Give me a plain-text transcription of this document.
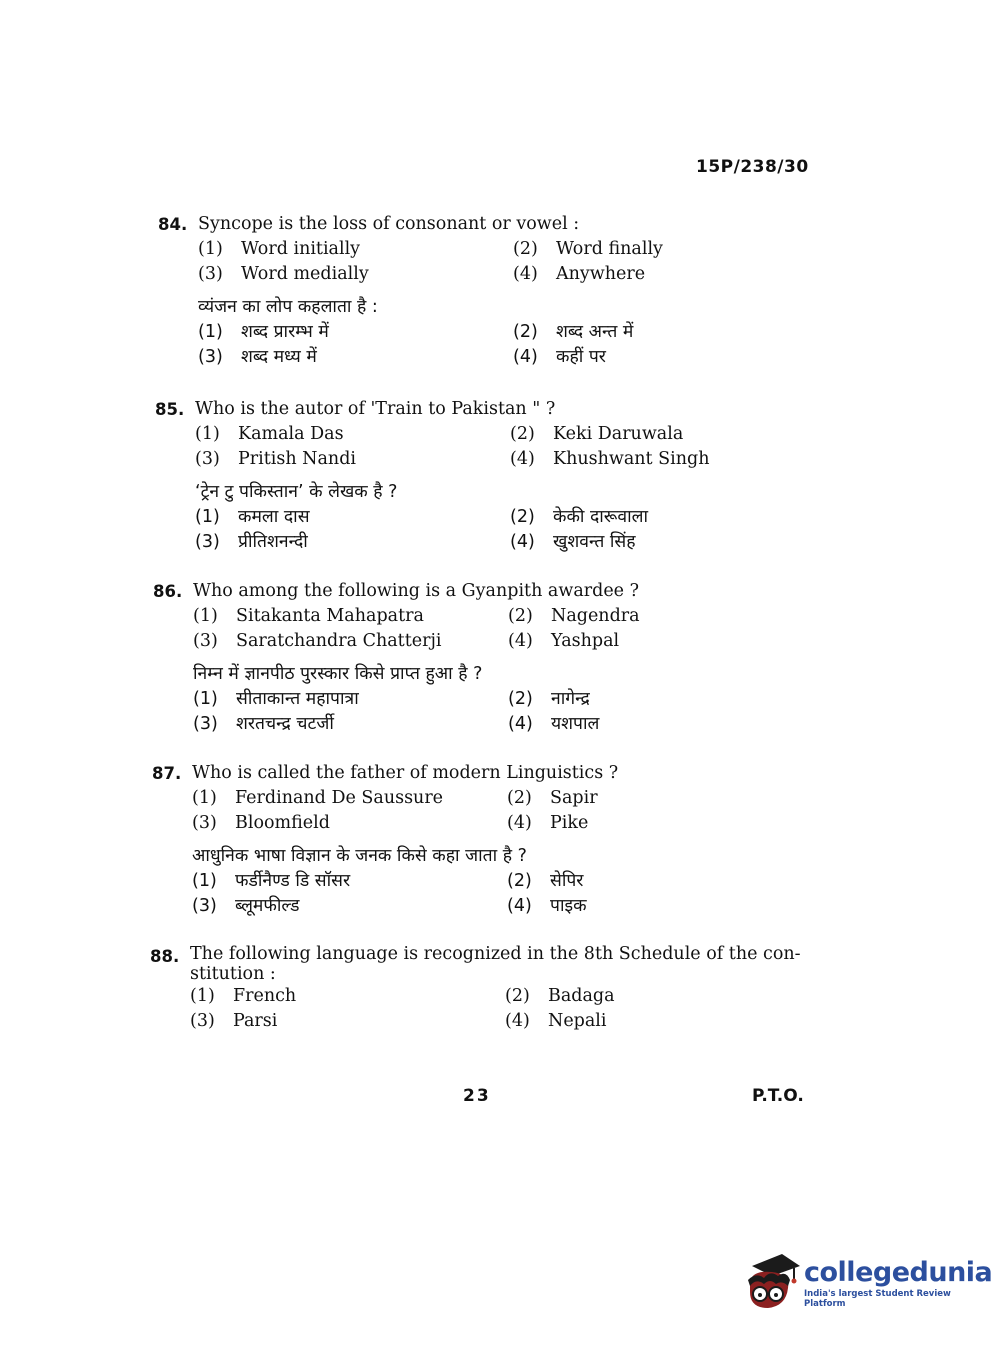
15P/238/30
84. Syncope is the loss of consonant or vowel :
(1)	Word initially	(2)	Word finally
(3)	Word medially	(4)	Anywhere
व्यंजन का लोप कहलाता है :
(1)	शब्द प्रारम्भ में	(2)	शब्द अन्त में
(3)	शब्द मध्य में	(4)	कहीं पर
85. Who is the autor of 'Train to Pakistan " ?
(1)	Kamala Das	(2)	Keki Daruwala
(3)	Pritish Nandi	(4)	Khushwant Singh
‘ट्रेन टु पकिस्तान’ के लेखक है ?
(1)	कमला दास	(2)	केकी दारूवाला
(3)	प्रीतिशनन्दी	(4)	खुशवन्त सिंह
86. Who among the following is a Gyanpith awardee ?
(1)	Sitakanta Mahapatra	(2)	Nagendra
(3)	Saratchandra Chatterji	(4)	Yashpal
निम्न में ज्ञानपीठ पुरस्कार किसे प्राप्त हुआ है ?
(1)	सीताकान्त महापात्रा	(2)	नागेन्द्र
(3)	शरतचन्द्र चटर्जी	(4)	यशपाल
87. Who is called the father of modern Linguistics ?
(1)	Ferdinand De Saussure	(2)	Sapir
(3)	Bloomfield	(4)	Pike
आधुनिक भाषा विज्ञान के जनक किसे कहा जाता है ?
(1)	फर्डीनैण्ड डि सॉसर	(2)	सेपिर
(3)	ब्लूमफील्ड	(4)	पाइक
88. The following language is recognized in the 8th Schedule of the con-stitution :
(1)	French	(2)	Badaga
(3)	Parsi	(4)	Nepali
23	P.T.O.
collegedunia
India's largest Student Review Platform
